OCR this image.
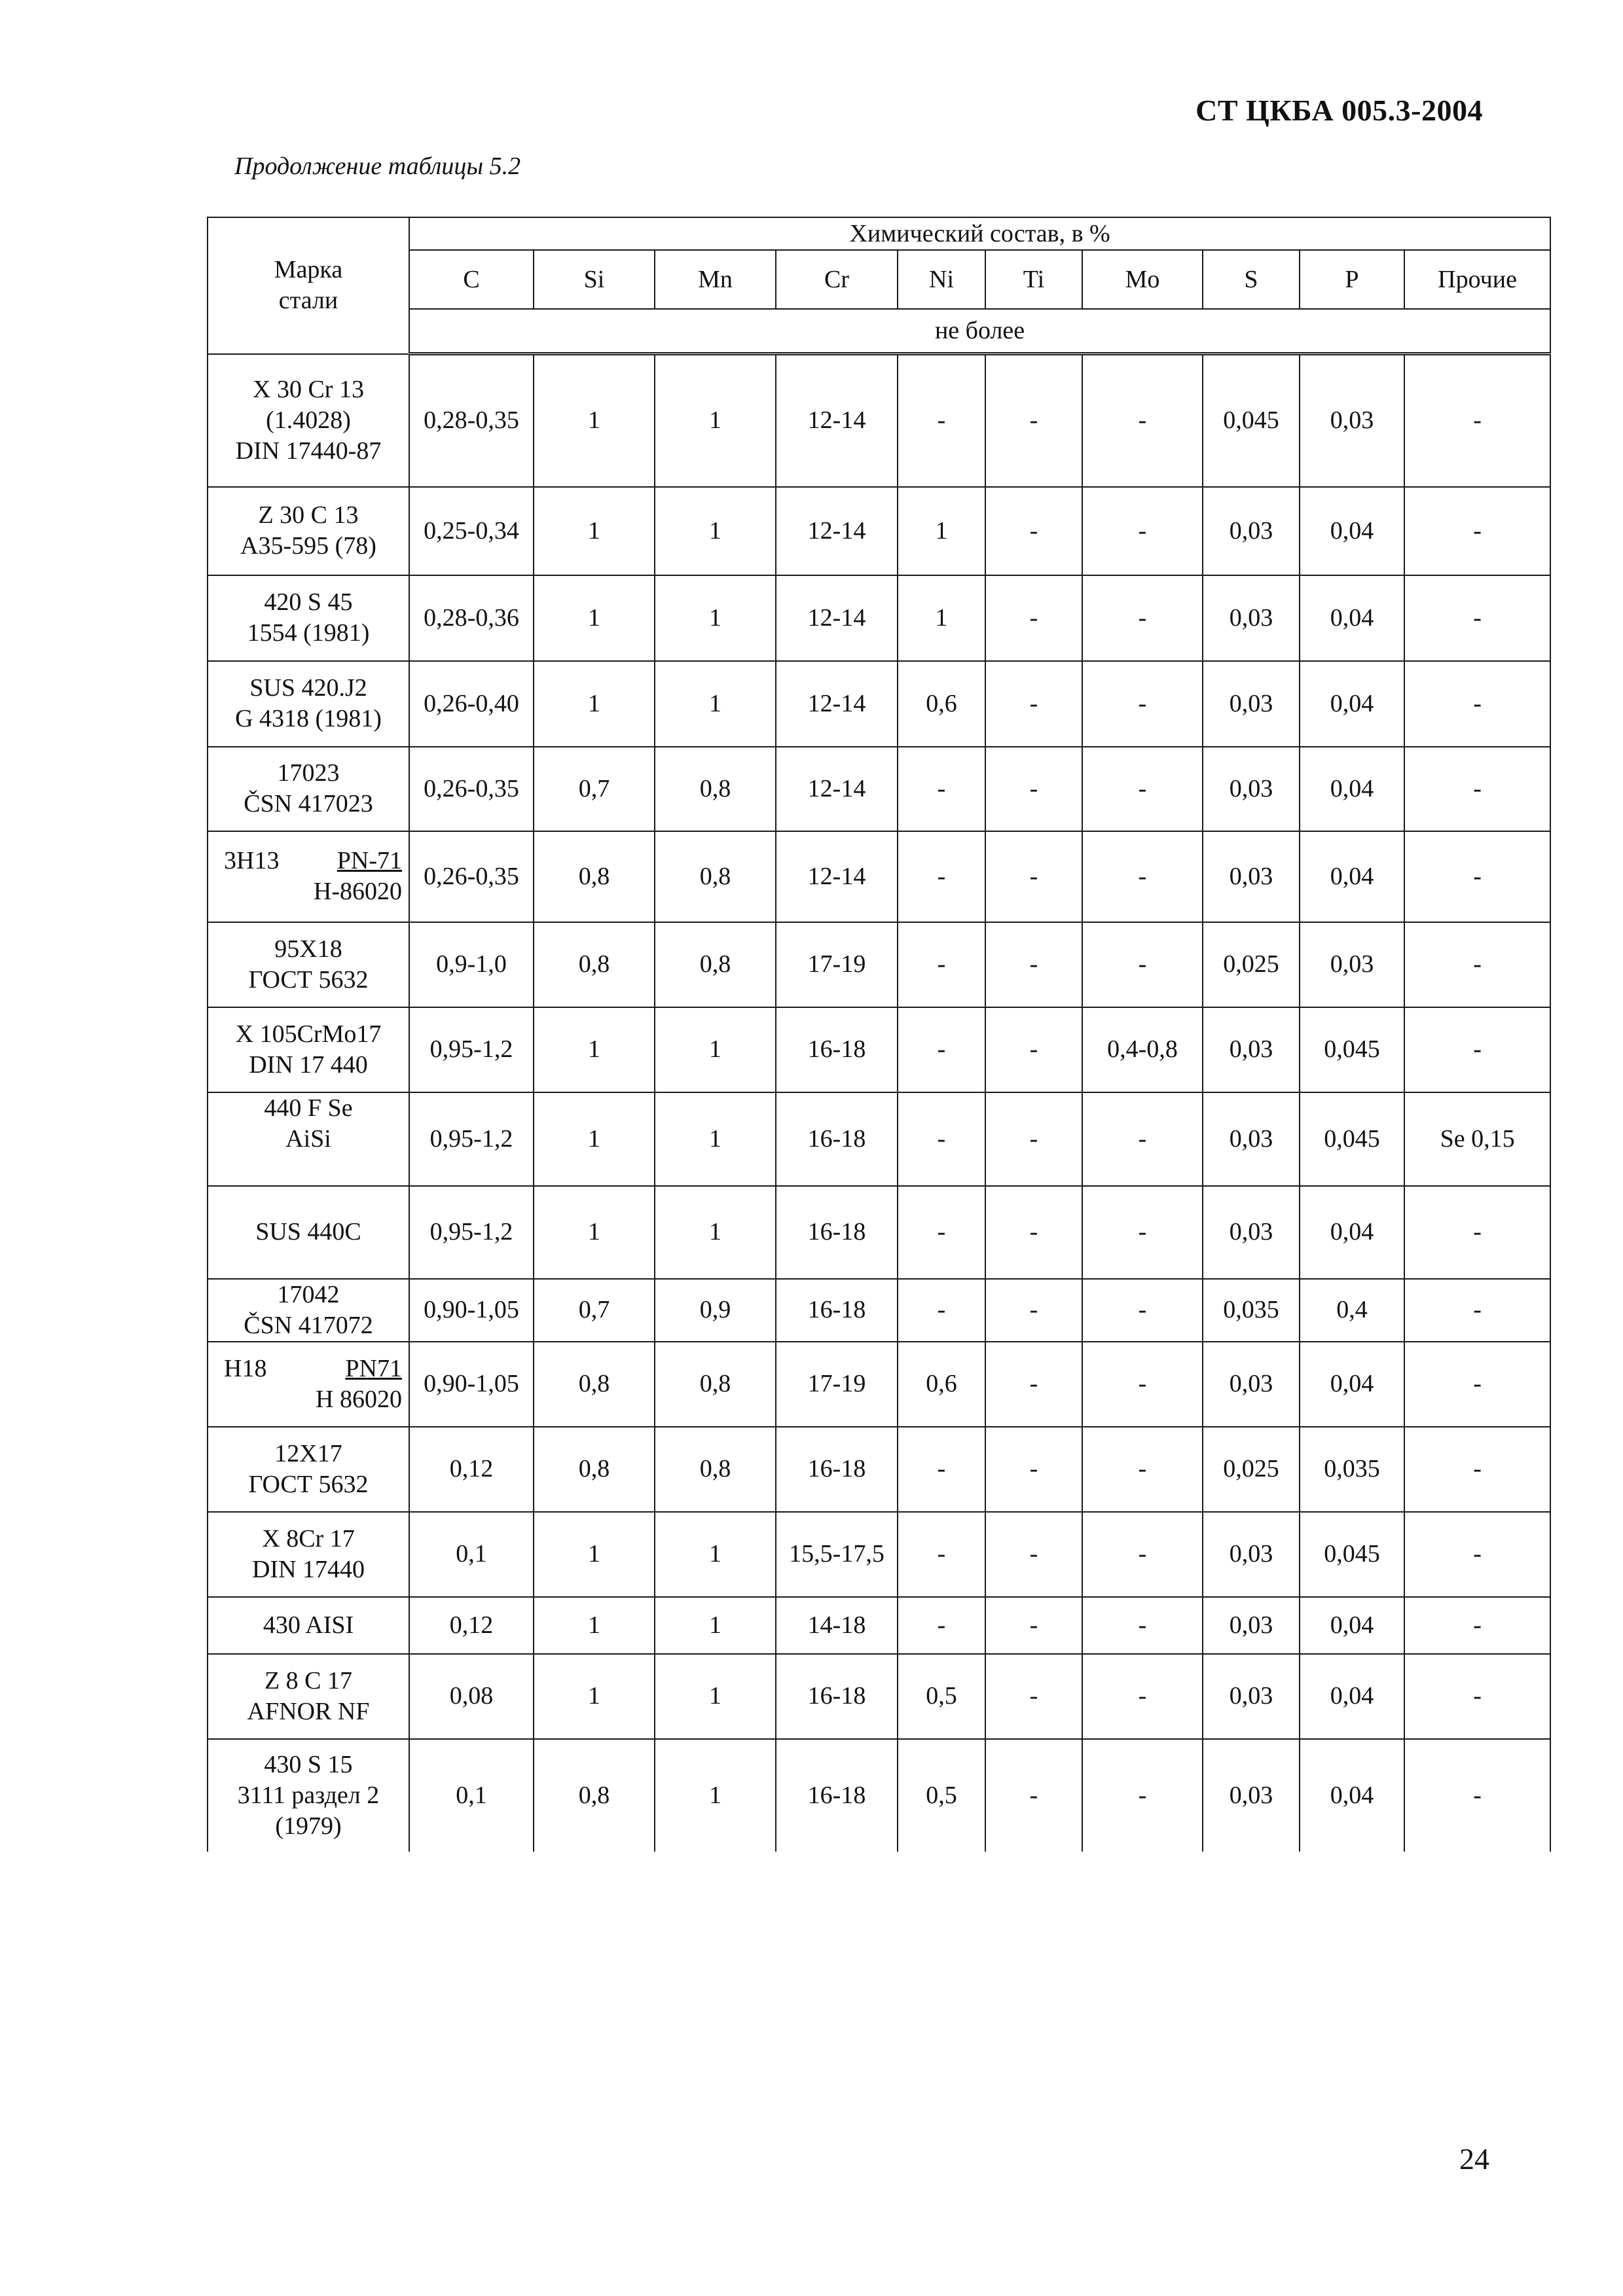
СТ ЦКБА 005.3-2004
Продолжение таблицы 5.2
Марка
стали	Химический состав, в %									
	C	Si	Mn	Cr	Ni	Ti	Mo	S	P	Прочие
	не более									

X 30 Cr 13
(1.4028)
DIN 17440-87	0,28-0,35	1	1	12-14	-	-	-	0,045	0,03	-

Z 30 C 13
A35-595 (78)	0,25-0,34	1	1	12-14	1	-	-	0,03	0,04	-

420 S 45
1554 (1981)	0,28-0,36	1	1	12-14	1	-	-	0,03	0,04	-

SUS 420.J2
G 4318 (1981)	0,26-0,40	1	1	12-14	0,6	-	-	0,03	0,04	-

17023
ČSN 417023	0,26-0,35	0,7	0,8	12-14	-	-	-	0,03	0,04	-

3H13 PN-71
H-86020	0,26-0,35	0,8	0,8	12-14	-	-	-	0,03	0,04	-

95X18
ГОСТ 5632	0,9-1,0	0,8	0,8	17-19	-	-	-	0,025	0,03	-

X 105CrMo17
DIN 17 440	0,95-1,2	1	1	16-18	-	-	0,4-0,8	0,03	0,045	-

440 F Se
AiSi	0,95-1,2	1	1	16-18	-	-	-	0,03	0,045	Se 0,15

SUS 440C	0,95-1,2	1	1	16-18	-	-	-	0,03	0,04	-

17042
ČSN 417072	0,90-1,05	0,7	0,9	16-18	-	-	-	0,035	0,4	-

H18 PN71
H 86020	0,90-1,05	0,8	0,8	17-19	0,6	-	-	0,03	0,04	-

12X17
ГОСТ 5632	0,12	0,8	0,8	16-18	-	-	-	0,025	0,035	-

X 8Cr 17
DIN 17440	0,1	1	1	15,5-17,5	-	-	-	0,03	0,045	-

430 AISI	0,12	1	1	14-18	-	-	-	0,03	0,04	-

Z 8 C 17
AFNOR NF	0,08	1	1	16-18	0,5	-	-	0,03	0,04	-

430 S 15
3111 раздел 2
(1979)	0,1	0,8	1	16-18	0,5	-	-	0,03	0,04	-
24
